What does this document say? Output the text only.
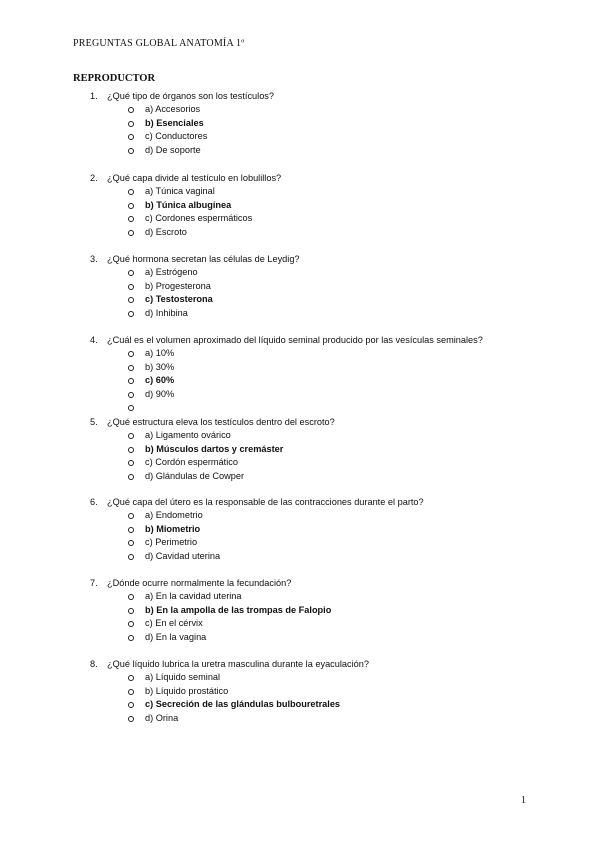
PREGUNTAS GLOBAL ANATOMÍA 1º
REPRODUCTOR
1. ¿Qué tipo de órganos son los testículos?
a) Accesorios
b) Esenciales
c) Conductores
d) De soporte
2. ¿Qué capa divide al testículo en lobulillos?
a) Túnica vaginal
b) Túnica albugínea
c) Cordones espermáticos
d) Escroto
3. ¿Qué hormona secretan las células de Leydig?
a) Estrógeno
b) Progesterona
c) Testosterona
d) Inhibina
4. ¿Cuál es el volumen aproximado del líquido seminal producido por las vesículas seminales?
a) 10%
b) 30%
c) 60%
d) 90%
5. ¿Qué estructura eleva los testículos dentro del escroto?
a) Ligamento ovárico
b) Músculos dartos y cremáster
c) Cordón espermático
d) Glándulas de Cowper
6. ¿Qué capa del útero es la responsable de las contracciones durante el parto?
a) Endometrio
b) Miometrio
c) Perimetrio
d) Cavidad uterina
7. ¿Dónde ocurre normalmente la fecundación?
a) En la cavidad uterina
b) En la ampolla de las trompas de Falopio
c) En el cérvix
d) En la vagina
8. ¿Qué líquido lubrica la uretra masculina durante la eyaculación?
a) Líquido seminal
b) Líquido prostático
c) Secreción de las glándulas bulbouretrales
d) Orina
1
